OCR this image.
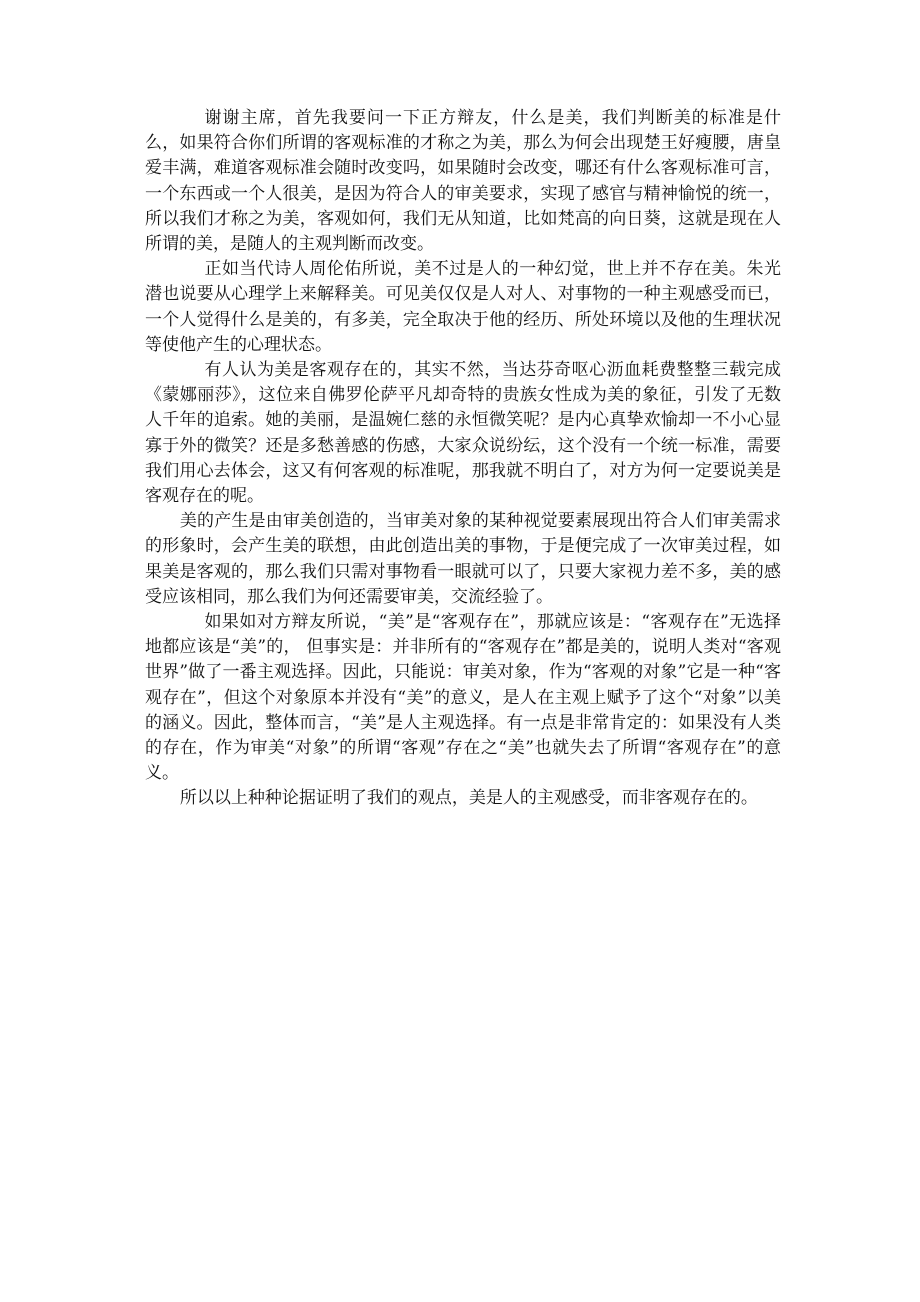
谢谢主席，首先我要问一下正方辩友，什么是美，我们判断美的标准是什么，如果符合你们所谓的客观标准的才称之为美，那么为何会出现楚王好瘦腰，唐皇爱丰满，难道客观标准会随时改变吗，如果随时会改变，哪还有什么客观标准可言，一个东西或一个人很美，是因为符合人的审美要求，实现了感官与精神愉悦的统一，所以我们才称之为美，客观如何，我们无从知道，比如梵高的向日葵，这就是现在人所谓的美，是随人的主观判断而改变。

正如当代诗人周伦佑所说，美不过是人的一种幻觉，世上并不存在美。朱光潜也说要从心理学上来解释美。可见美仅仅是人对人、对事物的一种主观感受而已，一个人觉得什么是美的，有多美，完全取决于他的经历、所处环境以及他的生理状况等使他产生的心理状态。

有人认为美是客观存在的，其实不然，当达芬奇呕心沥血耗费整整三载完成《蒙娜丽莎》，这位来自佛罗伦萨平凡却奇特的贵族女性成为美的象征，引发了无数人千年的追索。她的美丽，是温婉仁慈的永恒微笑呢？是内心真挚欢愉却一不小心显寡于外的微笑？还是多愁善感的伤感，大家众说纷纭，这个没有一个统一标准，需要我们用心去体会，这又有何客观的标准呢，那我就不明白了，对方为何一定要说美是客观存在的呢。

美的产生是由审美创造的，当审美对象的某种视觉要素展现出符合人们审美需求的形象时，会产生美的联想，由此创造出美的事物，于是便完成了一次审美过程，如果美是客观的，那么我们只需对事物看一眼就可以了，只要大家视力差不多，美的感受应该相同，那么我们为何还需要审美，交流经验了。

如果如对方辩友所说，“美”是“客观存在”，那就应该是：“客观存在”无选择地都应该是“美”的， 但事实是：并非所有的“客观存在”都是美的，说明人类对“客观世界”做了一番主观选择。因此，只能说：审美对象，作为“客观的对象”它是一种“客观存在”，但这个对象原本并没有“美”的意义，是人在主观上赋予了这个“对象”以美的涵义。因此，整体而言，“美”是人主观选择。有一点是非常肯定的：如果没有人类的存在，作为审美“对象”的所谓“客观”存在之“美”也就失去了所谓“客观存在”的意义。

所以以上种种论据证明了我们的观点，美是人的主观感受，而非客观存在的。
